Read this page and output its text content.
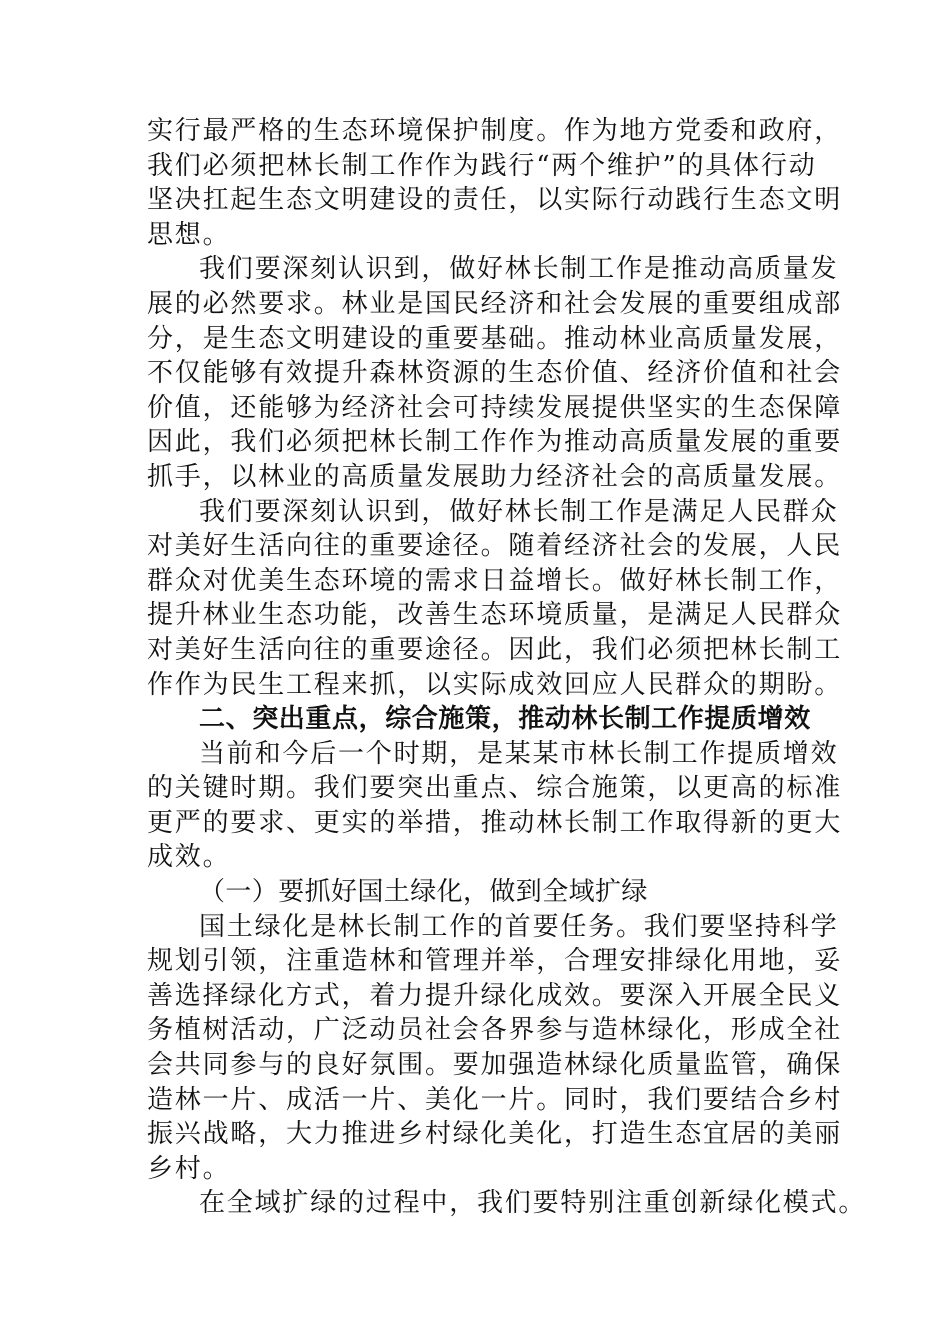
实行最严格的生态环境保护制度。作为地方党委和政府，
我们必须把林长制工作作为践行“两个维护”的具体行动
坚决扛起生态文明建设的责任，以实际行动践行生态文明
思想。
我们要深刻认识到，做好林长制工作是推动高质量发
展的必然要求。林业是国民经济和社会发展的重要组成部
分，是生态文明建设的重要基础。推动林业高质量发展，
不仅能够有效提升森林资源的生态价值、经济价值和社会
价值，还能够为经济社会可持续发展提供坚实的生态保障
因此，我们必须把林长制工作作为推动高质量发展的重要
抓手，以林业的高质量发展助力经济社会的高质量发展。
我们要深刻认识到，做好林长制工作是满足人民群众
对美好生活向往的重要途径。随着经济社会的发展，人民
群众对优美生态环境的需求日益增长。做好林长制工作，
提升林业生态功能，改善生态环境质量，是满足人民群众
对美好生活向往的重要途径。因此，我们必须把林长制工
作作为民生工程来抓，以实际成效回应人民群众的期盼。
二、突出重点，综合施策，推动林长制工作提质增效
当前和今后一个时期，是某某市林长制工作提质增效
的关键时期。我们要突出重点、综合施策，以更高的标准
更严的要求、更实的举措，推动林长制工作取得新的更大
成效。
（一）要抓好国土绿化，做到全域扩绿
国土绿化是林长制工作的首要任务。我们要坚持科学
规划引领，注重造林和管理并举，合理安排绿化用地，妥
善选择绿化方式，着力提升绿化成效。要深入开展全民义
务植树活动，广泛动员社会各界参与造林绿化，形成全社
会共同参与的良好氛围。要加强造林绿化质量监管，确保
造林一片、成活一片、美化一片。同时，我们要结合乡村
振兴战略，大力推进乡村绿化美化，打造生态宜居的美丽
乡村。
在全域扩绿的过程中，我们要特别注重创新绿化模式。
